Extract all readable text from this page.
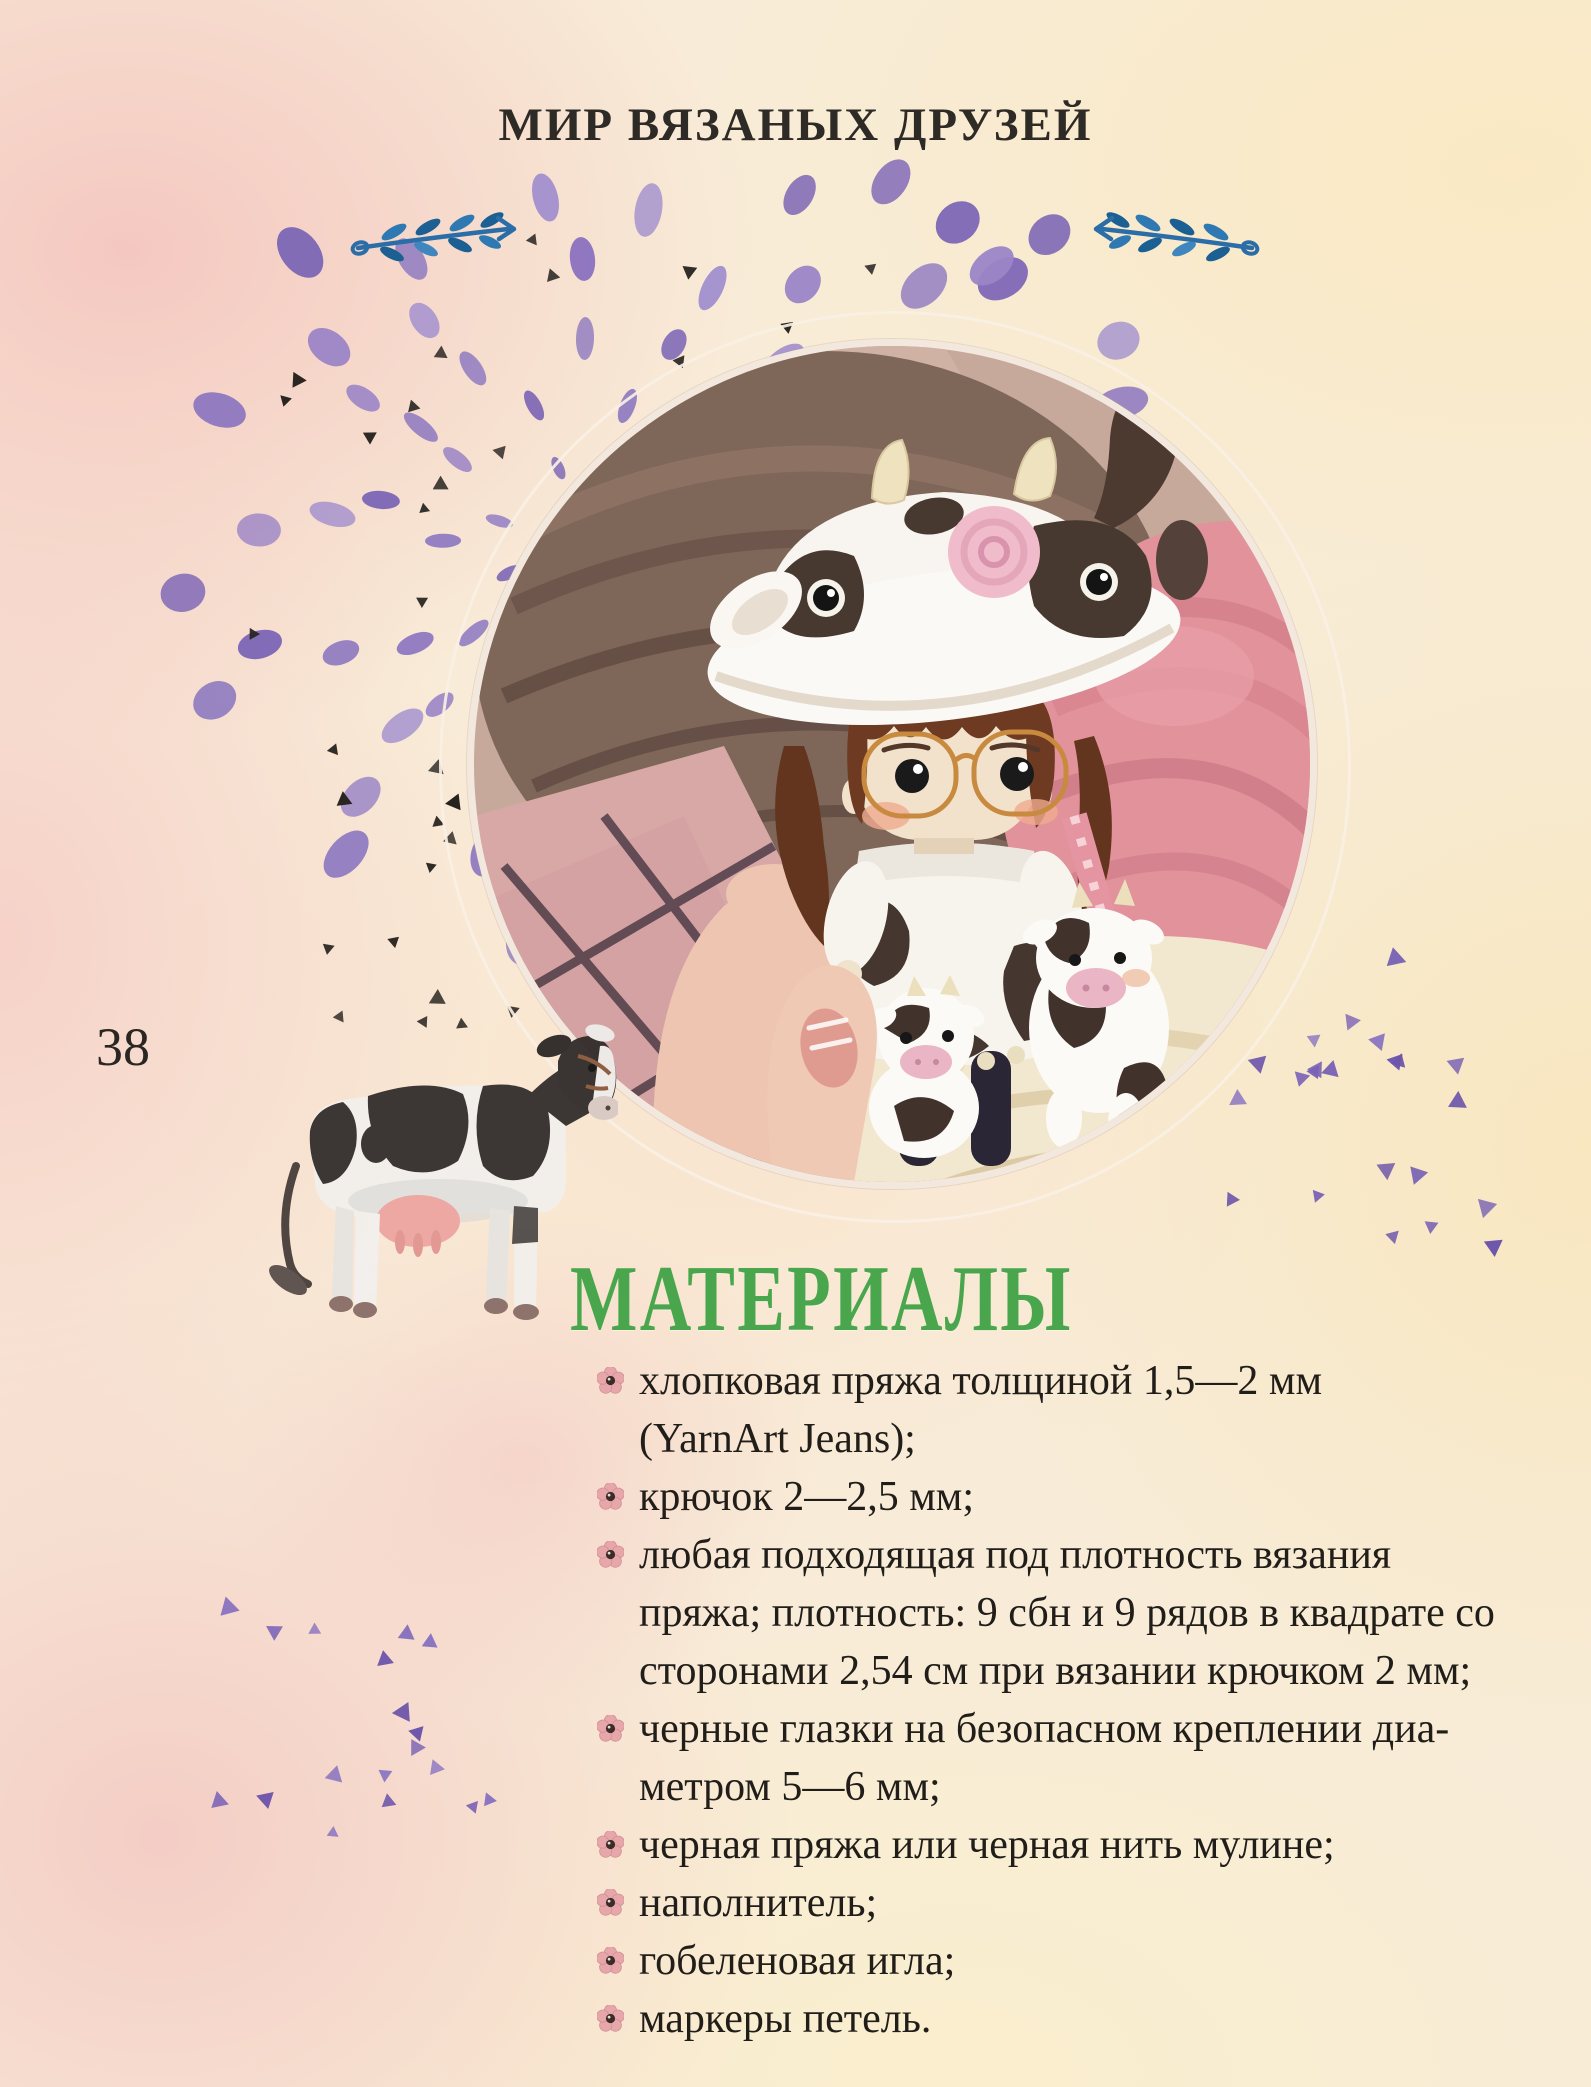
МИР ВЯЗАНЫХ ДРУЗЕЙ
38
МАТЕРИАЛЫ
хлопковая пряжа толщиной 1,5—2 мм
(YarnArt Jeans);
крючок 2—2,5 мм;
любая подходящая под плотность вязания
пряжа; плотность: 9 сбн и 9 рядов в квадрате со
сторонами 2,54 см при вязании крючком 2 мм;
черные глазки на безопасном креплении диа-
метром 5—6 мм;
черная пряжа или черная нить мулине;
наполнитель;
гобеленовая игла;
маркеры петель.
